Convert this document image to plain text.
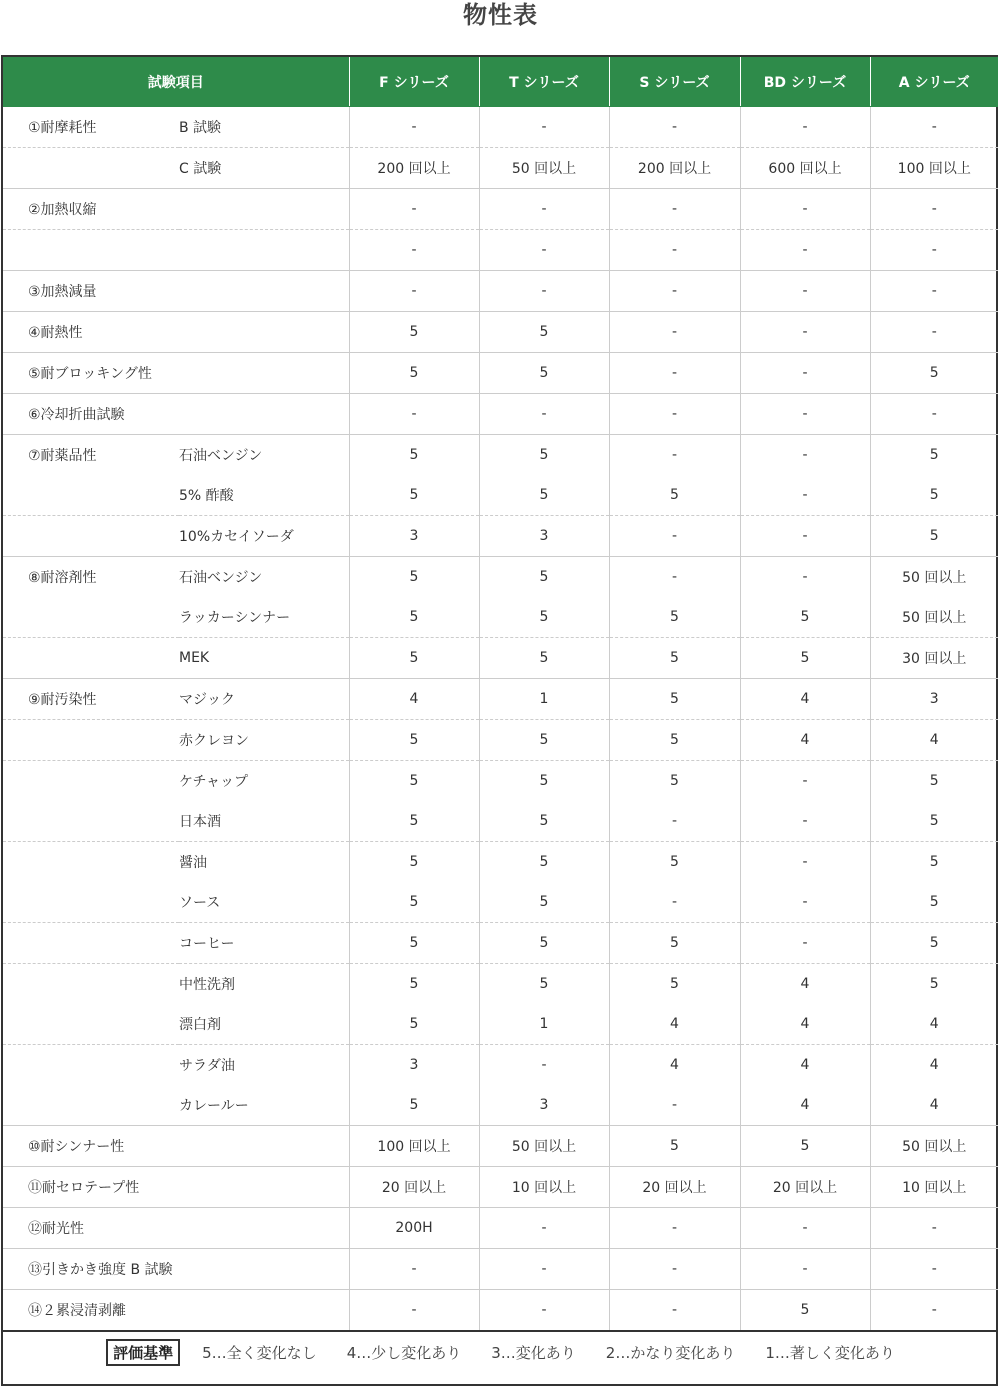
物性表
試験項目		F シリーズ	T シリーズ	S シリーズ	BD シリーズ	A シリーズ
①耐摩耗性	B 試験	-	-	-	-	-
	C 試験	200 回以上	50 回以上	200 回以上	600 回以上	100 回以上
②加熱収縮		-	-	-	-	-
		-	-	-	-	-
③加熱減量		-	-	-	-	-
④耐熱性		5	5	-	-	-
⑤耐ブロッキング性		5	5	-	-	5
⑥冷却折曲試験		-	-	-	-	-
⑦耐薬品性	石油ベンジン	5	5	-	-	5
	5% 酢酸	5	5	5	-	5
	10%カセイソーダ	3	3	-	-	5
⑧耐溶剤性	石油ベンジン	5	5	-	-	50 回以上
	ラッカーシンナー	5	5	5	5	50 回以上
	MEK	5	5	5	5	30 回以上
⑨耐汚染性	マジック	4	1	5	4	3
	赤クレヨン	5	5	5	4	4
	ケチャップ	5	5	5	-	5
	日本酒	5	5	-	-	5
	醤油	5	5	5	-	5
	ソース	5	5	-	-	5
	コーヒー	5	5	5	-	5
	中性洗剤	5	5	5	4	5
	漂白剤	5	1	4	4	4
	サラダ油	3	-	4	4	4
	カレールー	5	3	-	4	4
⑩耐シンナー性		100 回以上	50 回以上	5	5	50 回以上
⑪耐セロテープ性		20 回以上	10 回以上	20 回以上	20 回以上	10 回以上
⑫耐光性		200H	-	-	-	-
⑬引きかき強度 B 試験		-	-	-	-	-
⑭２累浸清剥離		-	-	-	5	-
評価基準	5…全く変化なし 4…少し変化あり 3…変化あり 2…かなり変化あり 1…著しく変化あり
